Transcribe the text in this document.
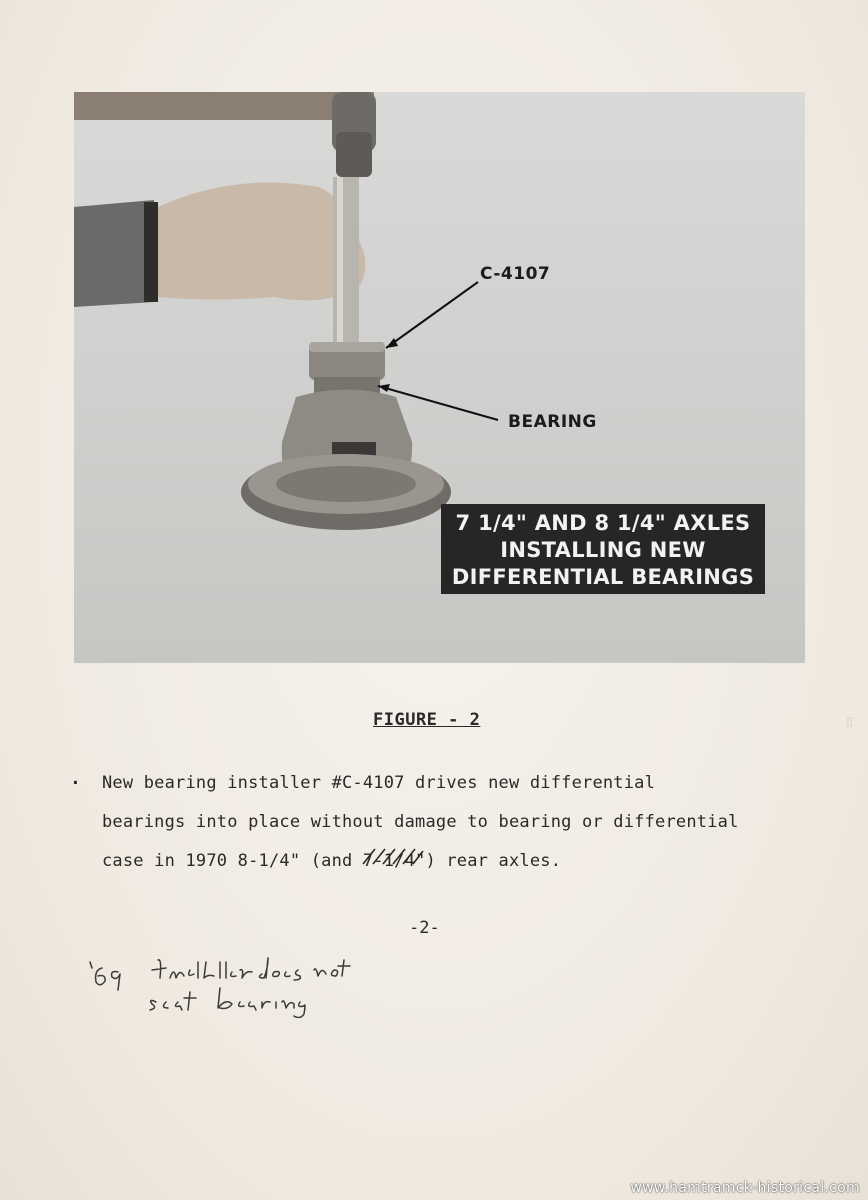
▯
C-4107
BEARING
7 1/4" AND 8 1/4" AXLES
INSTALLING NEW
DIFFERENTIAL BEARINGS
FIGURE - 2
. New bearing installer #C-4107 drives new differential
bearings into place without damage to bearing or differential
case in 1970 8-1/4" (and 7-1/4"
) rear axles.
-2-
www.hamtramck-historical.com
